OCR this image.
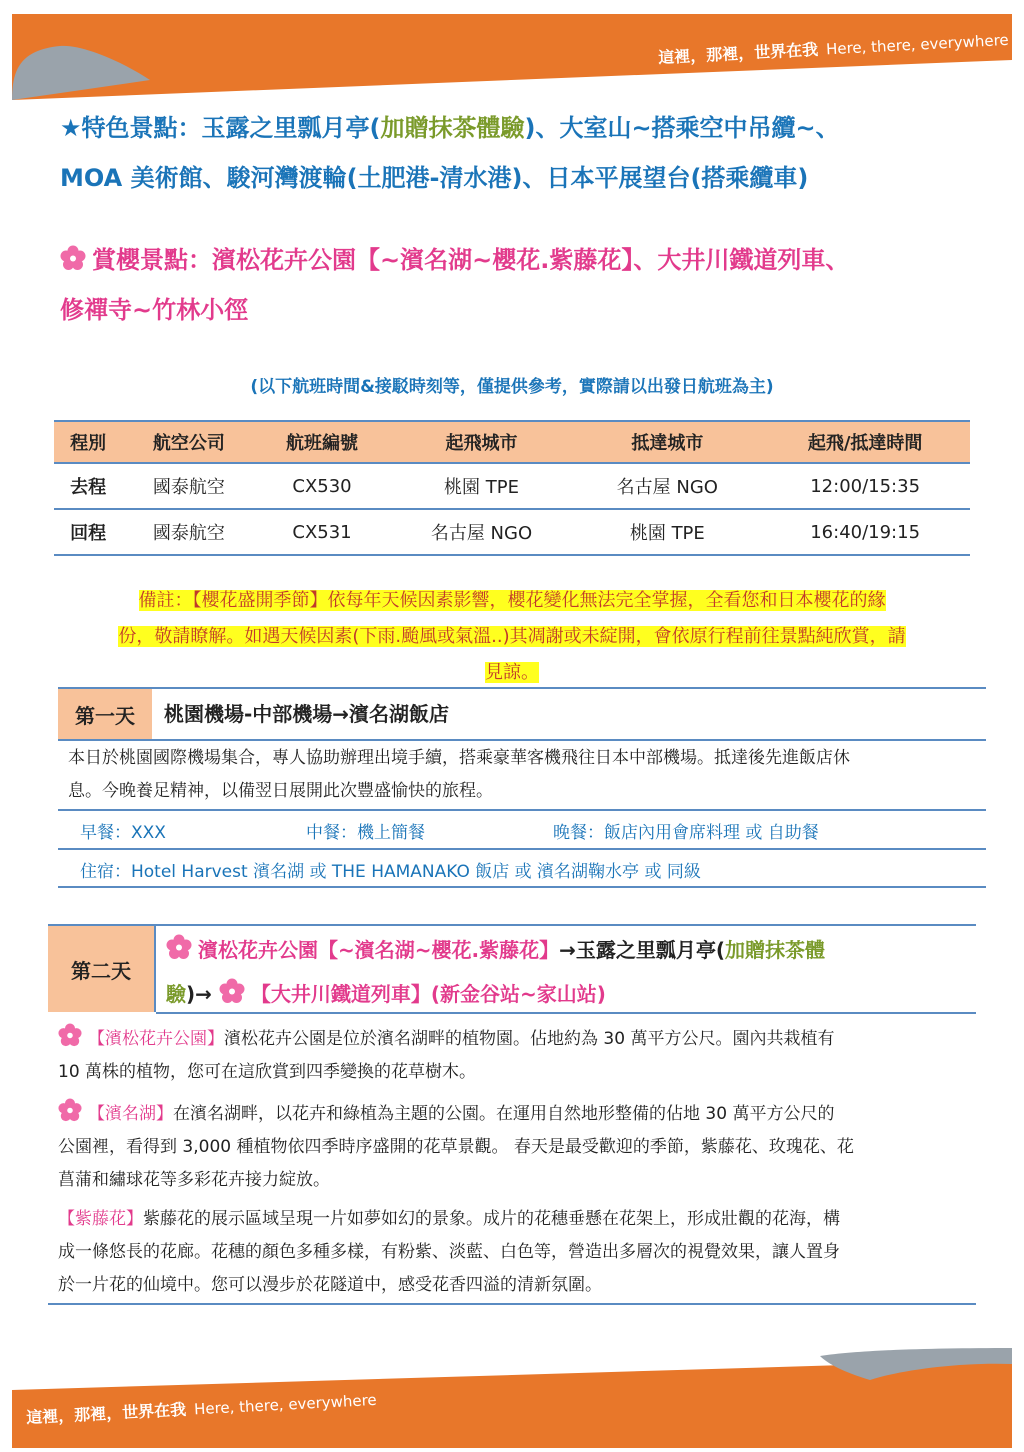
這裡，那裡，世界在我 Here, there, everywhere
★特色景點：玉露之里瓢月亭(加贈抹茶體驗)、大室山~搭乘空中吊纜~、
MOA 美術館、駿河灣渡輪(土肥港-清水港)、日本平展望台(搭乘纜車)
賞櫻景點：濱松花卉公園【~濱名湖~櫻花.紫藤花】、大井川鐵道列車、
修禪寺~竹林小徑
(以下航班時間&接駁時刻等，僅提供參考，實際請以出發日航班為主)
程別	航空公司	航班編號	起飛城市	抵達城市	起飛/抵達時間
去程	國泰航空	CX530	桃園 TPE	名古屋 NGO	12:00/15:35
回程	國泰航空	CX531	名古屋 NGO	桃園 TPE	16:40/19:15
備註：【櫻花盛開季節】依每年天候因素影響，櫻花變化無法完全掌握，全看您和日本櫻花的緣
份，敬請瞭解。如遇天候因素(下雨.颱風或氣溫..)其凋謝或未綻開，會依原行程前往景點純欣賞，請
見諒。
第一天	桃園機場-中部機場→濱名湖飯店
本日於桃園國際機場集合，專人協助辦理出境手續，搭乘豪華客機飛往日本中部機場。抵達後先進飯店休
息。今晚養足精神，以備翌日展開此次豐盛愉快的旅程。
早餐：XXX	中餐：機上簡餐	晚餐：飯店內用會席料理 或 自助餐
住宿：Hotel Harvest 濱名湖 或 THE HAMANAKO 飯店 或 濱名湖鞠水亭 或 同級
第二天
濱松花卉公園【~濱名湖~櫻花.紫藤花】→玉露之里瓢月亭(加贈抹茶體
驗)→ 【大井川鐵道列車】(新金谷站~家山站)
【濱松花卉公園】濱松花卉公園是位於濱名湖畔的植物園。佔地約為 30 萬平方公尺。園內共栽植有
10 萬株的植物，您可在這欣賞到四季變換的花草樹木。
【濱名湖】在濱名湖畔，以花卉和綠植為主題的公園。在運用自然地形整備的佔地 30 萬平方公尺的
公園裡，看得到 3,000 種植物依四季時序盛開的花草景觀。 春天是最受歡迎的季節，紫藤花、玫瑰花、花
菖蒲和繡球花等多彩花卉接力綻放。
【紫藤花】紫藤花的展示區域呈現一片如夢如幻的景象。成片的花穗垂懸在花架上，形成壯觀的花海，構
成一條悠長的花廊。花穗的顏色多種多樣，有粉紫、淡藍、白色等，營造出多層次的視覺效果，讓人置身
於一片花的仙境中。您可以漫步於花隧道中，感受花香四溢的清新氛圍。
這裡，那裡，世界在我 Here, there, everywhere
